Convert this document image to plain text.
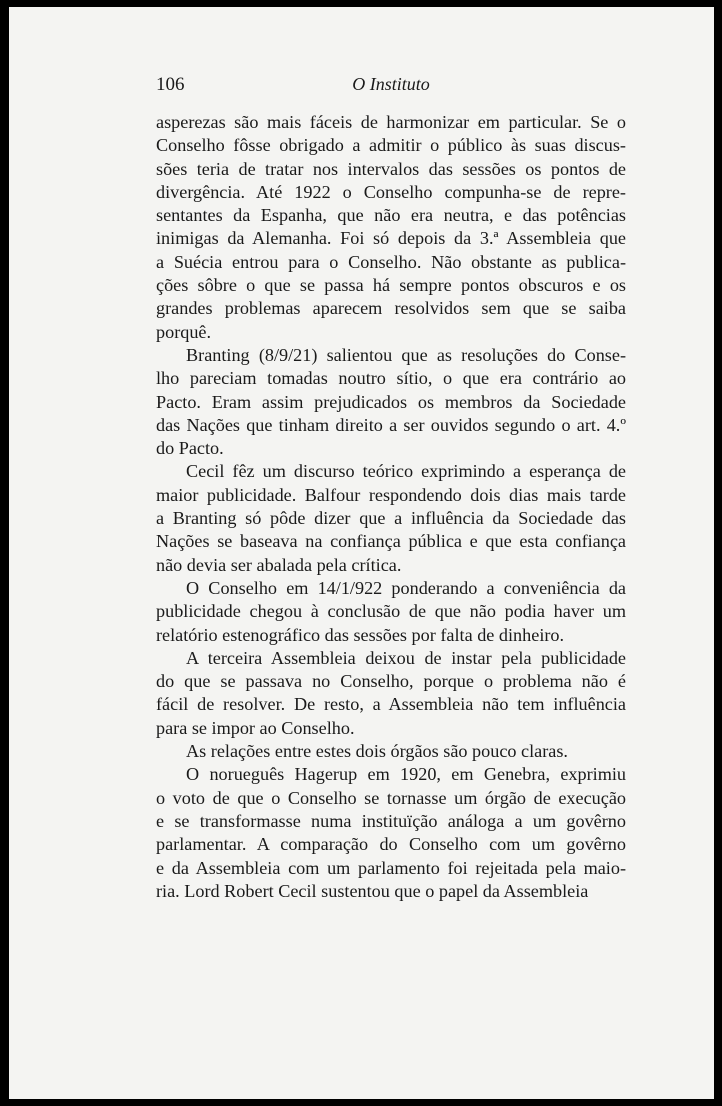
106	O Instituto
asperezas são mais fáceis de harmonizar em particular. Se o
Conselho fôsse obrigado a admitir o público às suas discus-
sões teria de tratar nos intervalos das sessões os pontos de
divergência. Até 1922 o Conselho compunha-se de repre-
sentantes da Espanha, que não era neutra, e das potências
inimigas da Alemanha. Foi só depois da 3.ª Assembleia que
a Suécia entrou para o Conselho. Não obstante as publica-
ções sôbre o que se passa há sempre pontos obscuros e os
grandes problemas aparecem resolvidos sem que se saiba
porquê.
Branting (8/9/21) salientou que as resoluções do Conse-
lho pareciam tomadas noutro sítio, o que era contrário ao
Pacto. Eram assim prejudicados os membros da Sociedade
das Nações que tinham direito a ser ouvidos segundo o art. 4.º
do Pacto.
Cecil fêz um discurso teórico exprimindo a esperança de
maior publicidade. Balfour respondendo dois dias mais tarde
a Branting só pôde dizer que a influência da Sociedade das
Nações se baseava na confiança pública e que esta confiança
não devia ser abalada pela crítica.
O Conselho em 14/1/922 ponderando a conveniência da
publicidade chegou à conclusão de que não podia haver um
relatório estenográfico das sessões por falta de dinheiro.
A terceira Assembleia deixou de instar pela publicidade
do que se passava no Conselho, porque o problema não é
fácil de resolver. De resto, a Assembleia não tem influência
para se impor ao Conselho.
As relações entre estes dois órgãos são pouco claras.
O norueguês Hagerup em 1920, em Genebra, exprimiu
o voto de que o Conselho se tornasse um órgão de execução
e se transformasse numa instituïção análoga a um govêrno
parlamentar. A comparação do Conselho com um govêrno
e da Assembleia com um parlamento foi rejeitada pela maio-
ria. Lord Robert Cecil sustentou que o papel da Assembleia
